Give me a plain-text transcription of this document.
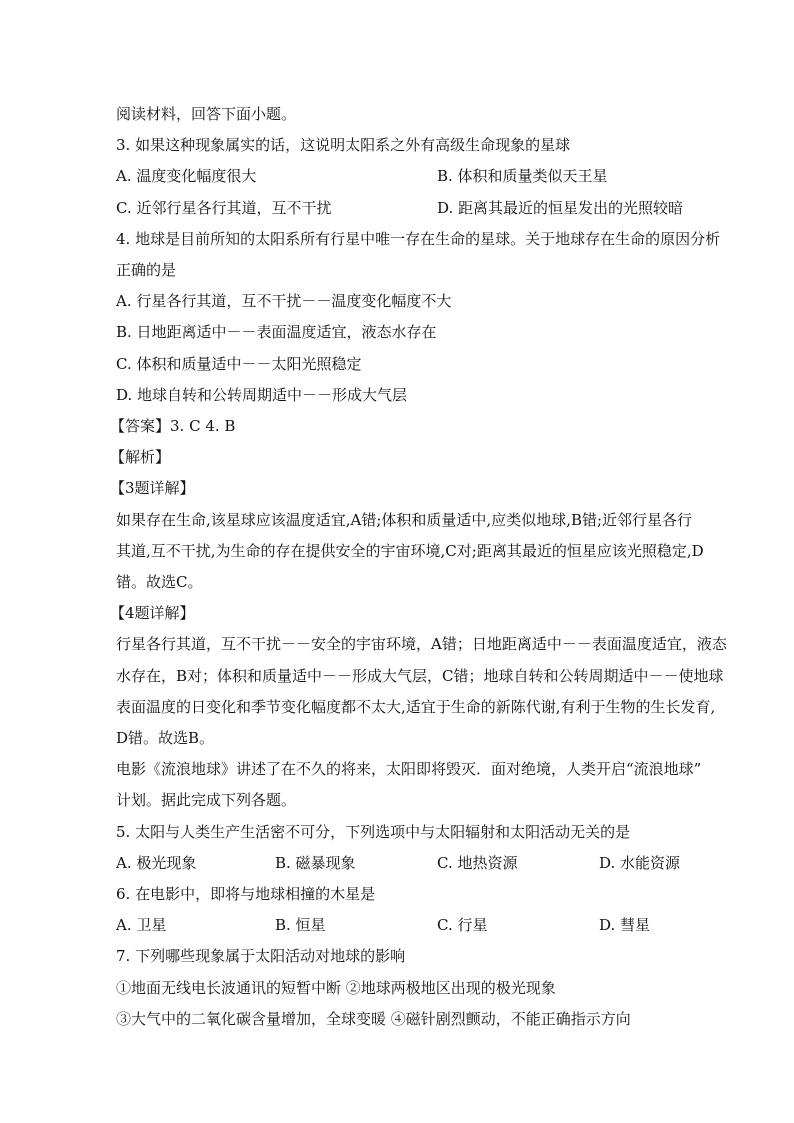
阅读材料，回答下面小题。
3. 如果这种现象属实的话，这说明太阳系之外有高级生命现象的星球
A. 温度变化幅度很大	B. 体积和质量类似天王星
C. 近邻行星各行其道，互不干扰	D. 距离其最近的恒星发出的光照较暗
4. 地球是目前所知的太阳系所有行星中唯一存在生命的星球。关于地球存在生命的原因分析
正确的是
A. 行星各行其道，互不干扰－－温度变化幅度不大
B. 日地距离适中－－表面温度适宜，液态水存在
C. 体积和质量适中－－太阳光照稳定
D. 地球自转和公转周期适中－－形成大气层
【答案】3. C 4. B
【解析】
【3题详解】
如果存在生命,该星球应该温度适宜,A错;体积和质量适中,应类似地球,B错;近邻行星各行
其道,互不干扰,为生命的存在提供安全的宇宙环境,C对;距离其最近的恒星应该光照稳定,D
错。故选C。
【4题详解】
行星各行其道，互不干扰－－安全的宇宙环境，A错；日地距离适中－－表面温度适宜，液态
水存在，B对；体积和质量适中－－形成大气层，C错；地球自转和公转周期适中－－使地球
表面温度的日变化和季节变化幅度都不太大,适宜于生命的新陈代谢,有利于生物的生长发育,
D错。故选B。
电影《流浪地球》讲述了在不久的将来，太阳即将毁灭．面对绝境，人类开启“流浪地球”
计划。据此完成下列各题。
5. 太阳与人类生产生活密不可分，下列选项中与太阳辐射和太阳活动无关的是
A. 极光现象	B. 磁暴现象	C. 地热资源	D. 水能资源
6. 在电影中，即将与地球相撞的木星是
A. 卫星	B. 恒星	C. 行星	D. 彗星
7. 下列哪些现象属于太阳活动对地球的影响
①地面无线电长波通讯的短暂中断 ②地球两极地区出现的极光现象
③大气中的二氧化碳含量增加，全球变暖 ④磁针剧烈颤动，不能正确指示方向
